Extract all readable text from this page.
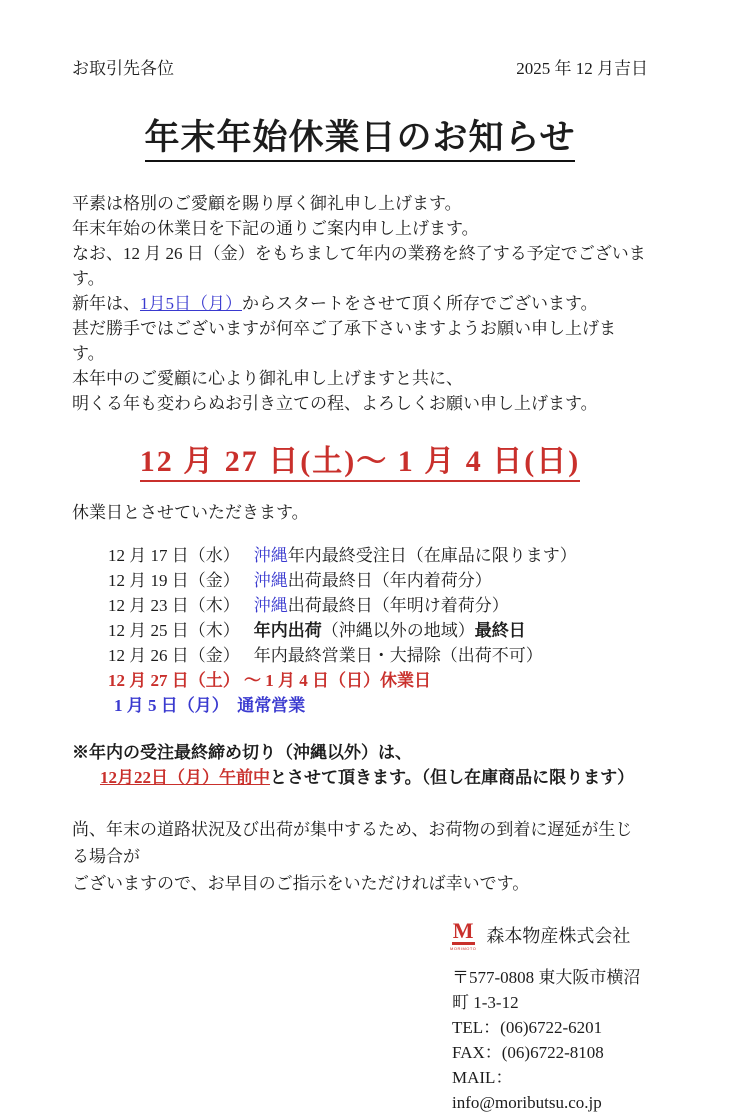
お取引先各位	2025 年 12 月吉日
年末年始休業日のお知らせ

平素は格別のご愛顧を賜り厚く御礼申し上げます。

年末年始の休業日を下記の通りご案内申し上げます。

なお、12 月 26 日（金）をもちまして年内の業務を終了する予定でございます。

新年は、1月5日（月）からスタートをさせて頂く所存でございます。

甚だ勝手ではございますが何卒ご了承下さいますようお願い申し上げます。

本年中のご愛顧に心より御礼申し上げますと共に、

明くる年も変わらぬお引き立ての程、よろしくお願い申し上げます。

12 月 27 日(土)～ 1 月 4 日(日)

休業日とさせていただきます。

12 月 17 日（水） 沖縄年内最終受注日（在庫品に限ります）

12 月 19 日（金） 沖縄出荷最終日（年内着荷分）

12 月 23 日（木） 沖縄出荷最終日（年明け着荷分）

12 月 25 日（木） 年内出荷（沖縄以外の地域）最終日

12 月 26 日（金） 年内最終営業日・大掃除（出荷不可）

12 月 27 日（土） ～ 1 月 4 日（日）休業日

1 月 5 日（月）　通常営業

※年内の受注最終締め切り（沖縄以外）は、

12月22日（月）午前中とさせて頂きます。（但し在庫商品に限ります）

尚、年末の道路状況及び出荷が集中するため、お荷物の到着に遅延が生じる場合が

ございますので、お早目のご指示をいただければ幸いです。

M
MORIMOTO
森本物産株式会社

〒577-0808 東大阪市横沼町 1-3-12

TEL：(06)6722-6201

FAX：(06)6722-8108

MAIL：info@moributsu.co.jp
